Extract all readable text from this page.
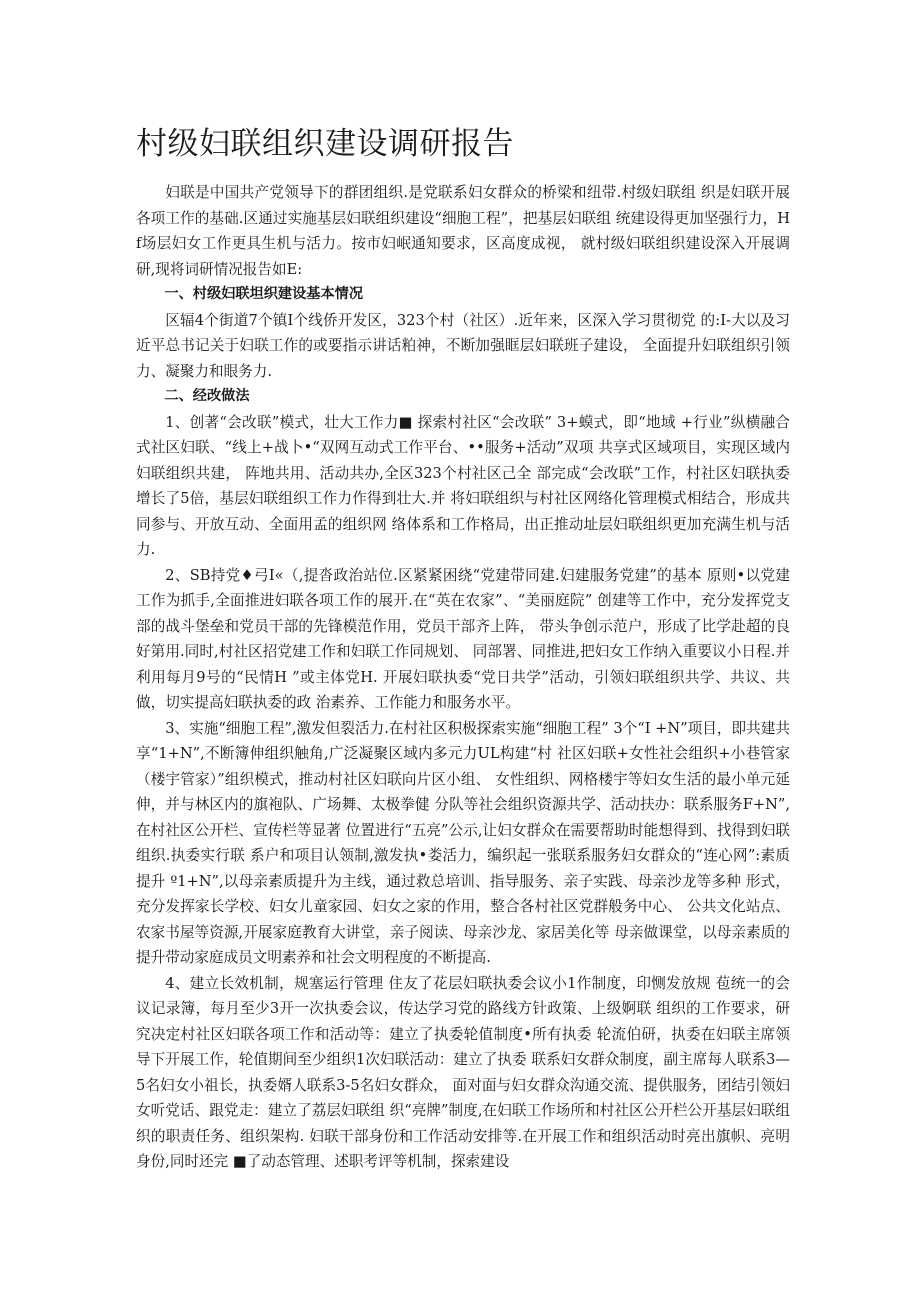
村级妇联组织建设调研报告

妇联是中国共产党领导下的群团组织.是党联系妇女群众的桥梁和纽带.村级妇联组 织是妇联开展各项工作的基础.区通过实施基层妇联组织建设“细胞工程”，把基层妇联组 统建设得更加坚强行力，Hf场层妇女工作更具生机与活力。按市妇岷通知要求，区高度成视， 就村级妇联组织建设深入开展调研,现将词研情况报告如E:

一、村级妇联坦织建设基本情况

区辐4个街道7个镇I个线侨开发区，323个村（社区）.近年来，区深入学习贯彻党 的:I-大以及习近平总书记关于妇联工作的或要指示讲话粕神，不断加强眶层妇联班子建设， 全面提升妇联组织引领力、凝聚力和眼务力.

二、经改做法

1、创著“会改联”模式，壮大工作力■ 探索村社区“会改联” 3+蟆式，即“地域 +行业”纵横融合式社区妇联、“线上+战卜•“双网互动式工作平台、••服务+活动”双项 共享式区域项目，实现区域内妇联组织共建， 阵地共用、活动共办,全区323个村社区己全 部完成“会改联”工作，村社区妇联执委增长了5倍，基层妇联组织工作力作得到壮大.并 将妇联组织与村社区网络化管理模式相结合，形成共同参与、开放互动、全面用孟的组织网 络体系和工作格局，出正推动址层妇联组织更加充满生机与活力.

2、SB持党♦弓I«（,提沓政治站位.区紧紧困绕“党建带同建.妇建服务党建”的基本 原则•以党建工作为抓手,全面推进妇联各项工作的展开.在“英在农家”、“美丽庭院” 创建等工作中，充分发挥党支部的战斗堡垒和党员干部的先锋模范作用，党员干部齐上阵， 带头争创示范户，形成了比学赴超的良好第用.同时,村社区招党建工作和妇联工作同规划、 同部署、同推进,把妇女工作纳入重要议小日程.并利用每月9号的“民情H ”或主体党H. 开展妇联执委“党日共学”活动，引领妇联组织共学、共议、共做，切实提高妇联执委的政 治素养、工作能力和服务水平。

3、实施“细胞工程”,激发但裂活力.在村社区积极探索实施“细胞工程” 3个“I +N”项目，即共建共享“1+N”,不断簿伸组织触角,广泛凝聚区域内多元力UL构建“村 社区妇联+女性社会组织+小巷管家（楼宇管家）”组织模式，推动村社区妇联向片区小组、 女性组织、网格楼宇等妇女生活的最小单元延伸，并与林区内的旗袍队、广场舞、太极拳健 分队等社会组织资源共学、活动扶办：联系服务F+N”,在村社区公开栏、宣传栏等显著 位置进行“五亮”公示,让妇女群众在需要帮助时能想得到、找得到妇联组织.执委实行联 系户和项目认领制,激发执•娄活力，编织起一张联系服务妇女群众的“连心网”:素质提升 º1+N”,以母亲素质提升为主线，通过救总培训、指导服务、亲子实践、母亲沙龙等多种 形式，充分发挥家长学校、妇女儿童家园、妇女之家的作用，整合各村社区党群般务中心、 公共文化站点、农家书屋等资源,开展家庭教育大讲堂，亲子阅读、母亲沙龙、家居美化等 母亲做课堂，以母亲素质的提升带动家庭成员文明素养和社会文明程度的不断提高.

4、建立长效机制，规塞运行管理 住友了花层妇联执委会议小1作制度，印恻发放规 苞统一的会议记录簿，每月至少3开一次执委会议，传达学习党的路线方针政策、上级婀联 组织的工作要求，研究决定村社区妇联各项工作和活动等：建立了执委轮值制度•所有执委 轮流伯研，执委在妇联主席领导下开展工作，轮值期间至少组织1次妇联活动：建立了执委 联系妇女群众制度，副主席每人联系3—5名妇女小祖长，执委婿人联系3-5名妇女群众， 面对面与妇女群众沟通交流、提供服务，团结引领妇女听党话、跟党走：建立了荔层妇联组 织“亮牌”制度,在妇联工作场所和村社区公开栏公开基层妇联组织的职责任务、组织架构. 妇联干部身份和工作活动安排等.在开展工作和组织活动时亮出旗帜、亮明身份,同时还完 ■了动态管理、述职考评等机制，探索建设
